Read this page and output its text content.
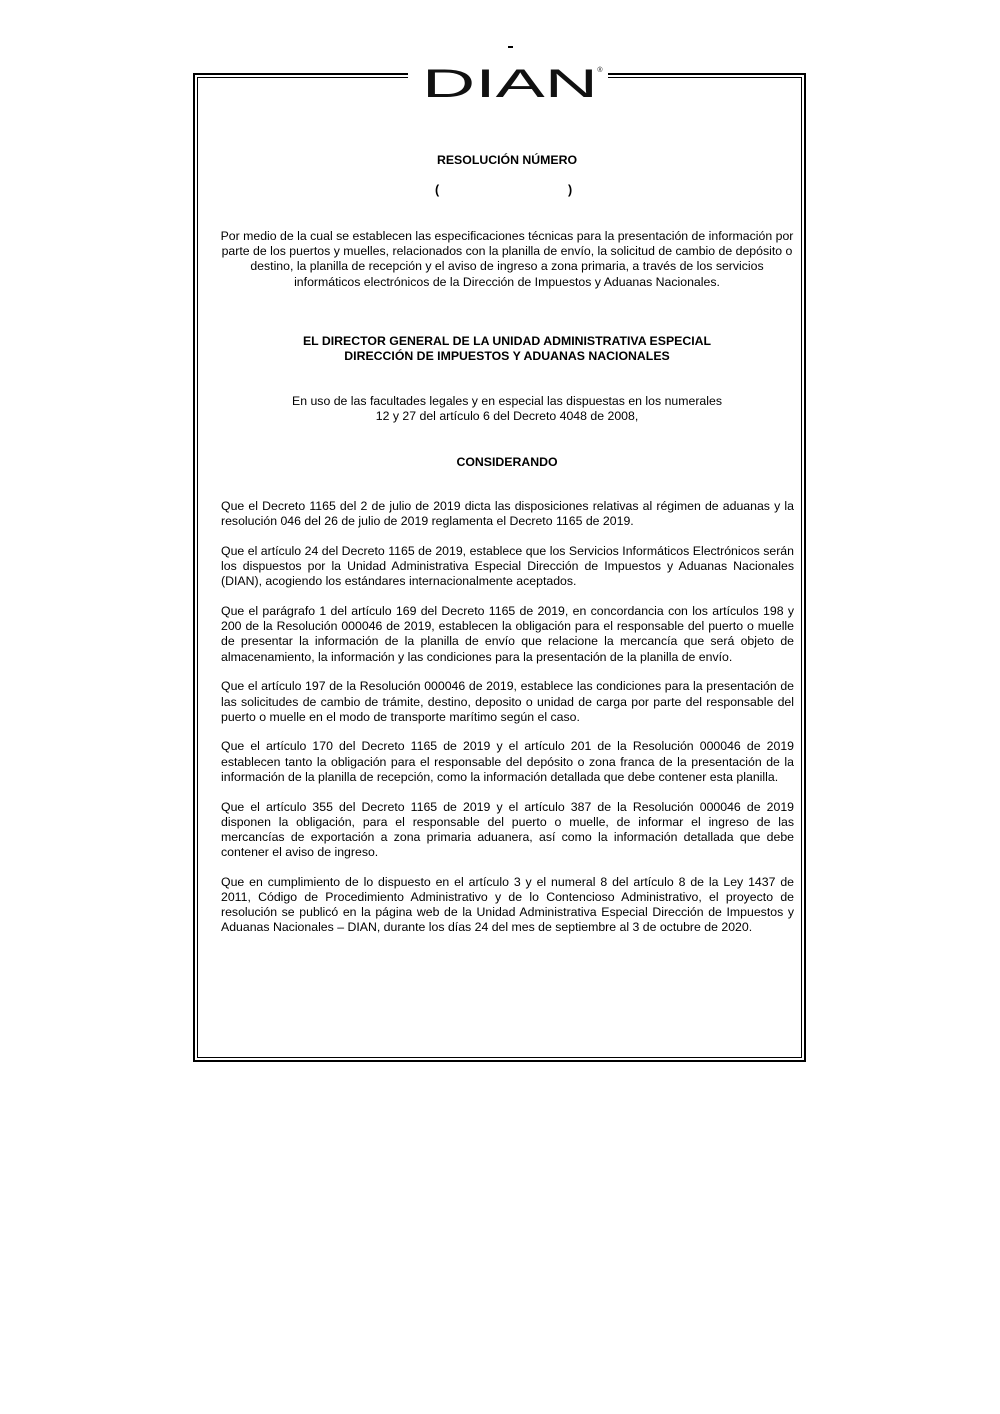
DIAN ®
RESOLUCIÓN NÚMERO
(	)
Por medio de la cual se establecen las especificaciones técnicas para la presentación de información por parte de los puertos y muelles, relacionados con la planilla de envío, la solicitud de cambio de depósito o destino, la planilla de recepción y el aviso de ingreso a zona primaria, a través de los servicios informáticos electrónicos de la Dirección de Impuestos y Aduanas Nacionales.
EL DIRECTOR GENERAL DE LA UNIDAD ADMINISTRATIVA ESPECIAL
DIRECCIÓN DE IMPUESTOS Y ADUANAS NACIONALES
En uso de las facultades legales y en especial las dispuestas en los numerales
12 y 27 del artículo 6 del Decreto 4048 de 2008,
CONSIDERANDO

Que el Decreto 1165 del 2 de julio de 2019 dicta las disposiciones relativas al régimen de aduanas y la resolución 046 del 26 de julio de 2019 reglamenta el Decreto 1165 de 2019.

Que el artículo 24 del Decreto 1165 de 2019, establece que los Servicios Informáticos Electrónicos serán los dispuestos por la Unidad Administrativa Especial Dirección de Impuestos y Aduanas Nacionales (DIAN), acogiendo los estándares internacionalmente aceptados.

Que el parágrafo 1 del artículo 169 del Decreto 1165 de 2019, en concordancia con los artículos 198 y 200 de la Resolución 000046 de 2019, establecen la obligación para el responsable del puerto o muelle de presentar la información de la planilla de envío que relacione la mercancía que será objeto de almacenamiento, la información y las condiciones para la presentación de la planilla de envío.

Que el artículo 197 de la Resolución 000046 de 2019, establece las condiciones para la presentación de las solicitudes de cambio de trámite, destino, deposito o unidad de carga por parte del responsable del puerto o muelle en el modo de transporte marítimo según el caso.

Que el artículo 170 del Decreto 1165 de 2019 y el artículo 201 de la Resolución 000046 de 2019 establecen tanto la obligación para el responsable del depósito o zona franca de la presentación de la información de la planilla de recepción, como la información detallada que debe contener esta planilla.

Que el artículo 355 del Decreto 1165 de 2019 y el artículo 387 de la Resolución 000046 de 2019 disponen la obligación, para el responsable del puerto o muelle, de informar el ingreso de las mercancías de exportación a zona primaria aduanera, así como la información detallada que debe contener el aviso de ingreso.

Que en cumplimiento de lo dispuesto en el artículo 3 y el numeral 8 del artículo 8 de la Ley 1437 de 2011, Código de Procedimiento Administrativo y de lo Contencioso Administrativo, el proyecto de resolución se publicó en la página web de la Unidad Administrativa Especial Dirección de Impuestos y Aduanas Nacionales – DIAN, durante los días 24 del mes de septiembre al 3 de octubre de 2020.
